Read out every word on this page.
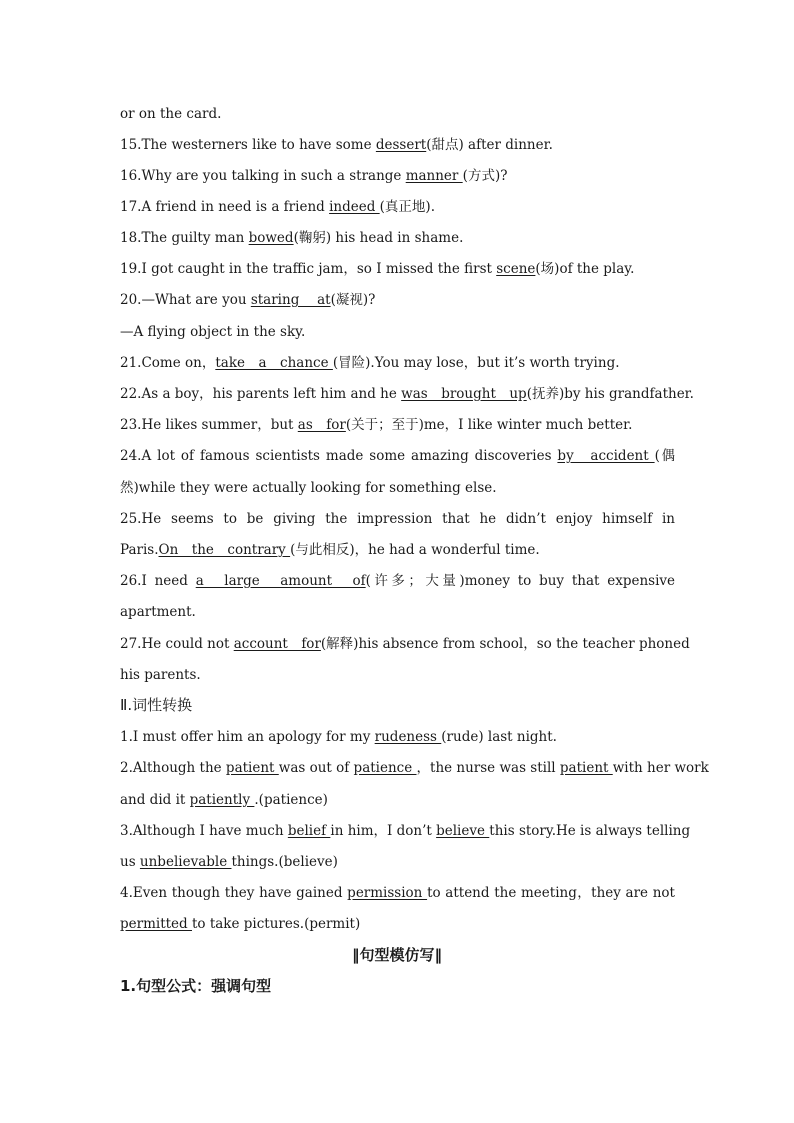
or on the card.
15.The westerners like to have some dessert(甜点) after dinner.
16.Why are you talking in such a strange manner (方式)?
17.A friend in need is a friend indeed (真正地).
18.The guilty man bowed(鞠躬) his head in shame.
19.I got caught in the traffic jam，so I missed the first scene(场)of the play.
20.—What are you staring　 at(凝视)?
—A flying object in the sky.
21.Come on，take　a　chance (冒险).You may lose，but it’s worth trying.
22.As a boy，his parents left him and he was　brought　up(抚养)by his grandfather.
23.He likes summer，but as　for(关于；至于)me，I like winter much better.
24.A lot of famous scientists made some amazing discoveries by　accident (偶
然)while they were actually looking for something else.
25.He seems to be giving the impression that he didn’t enjoy himself in
Paris.On　the　contrary (与此相反)，he had a wonderful time.
26.I need a　large　amount　of(许多；大量)money to buy that expensive
apartment.
27.He could not account　for(解释)his absence from school，so the teacher phoned
his parents.
Ⅱ.词性转换
1.I must offer him an apology for my rudeness (rude) last night.
2.Although the patient was out of patience ，the nurse was still patient with her work
and did it patiently .(patience)
3.Although I have much belief in him，I don’t believe this story.He is always telling
us unbelievable things.(believe)
4.Even though they have gained permission to attend the meeting，they are not
permitted to take pictures.(permit)
‖句型模仿写‖
1.句型公式：强调句型
